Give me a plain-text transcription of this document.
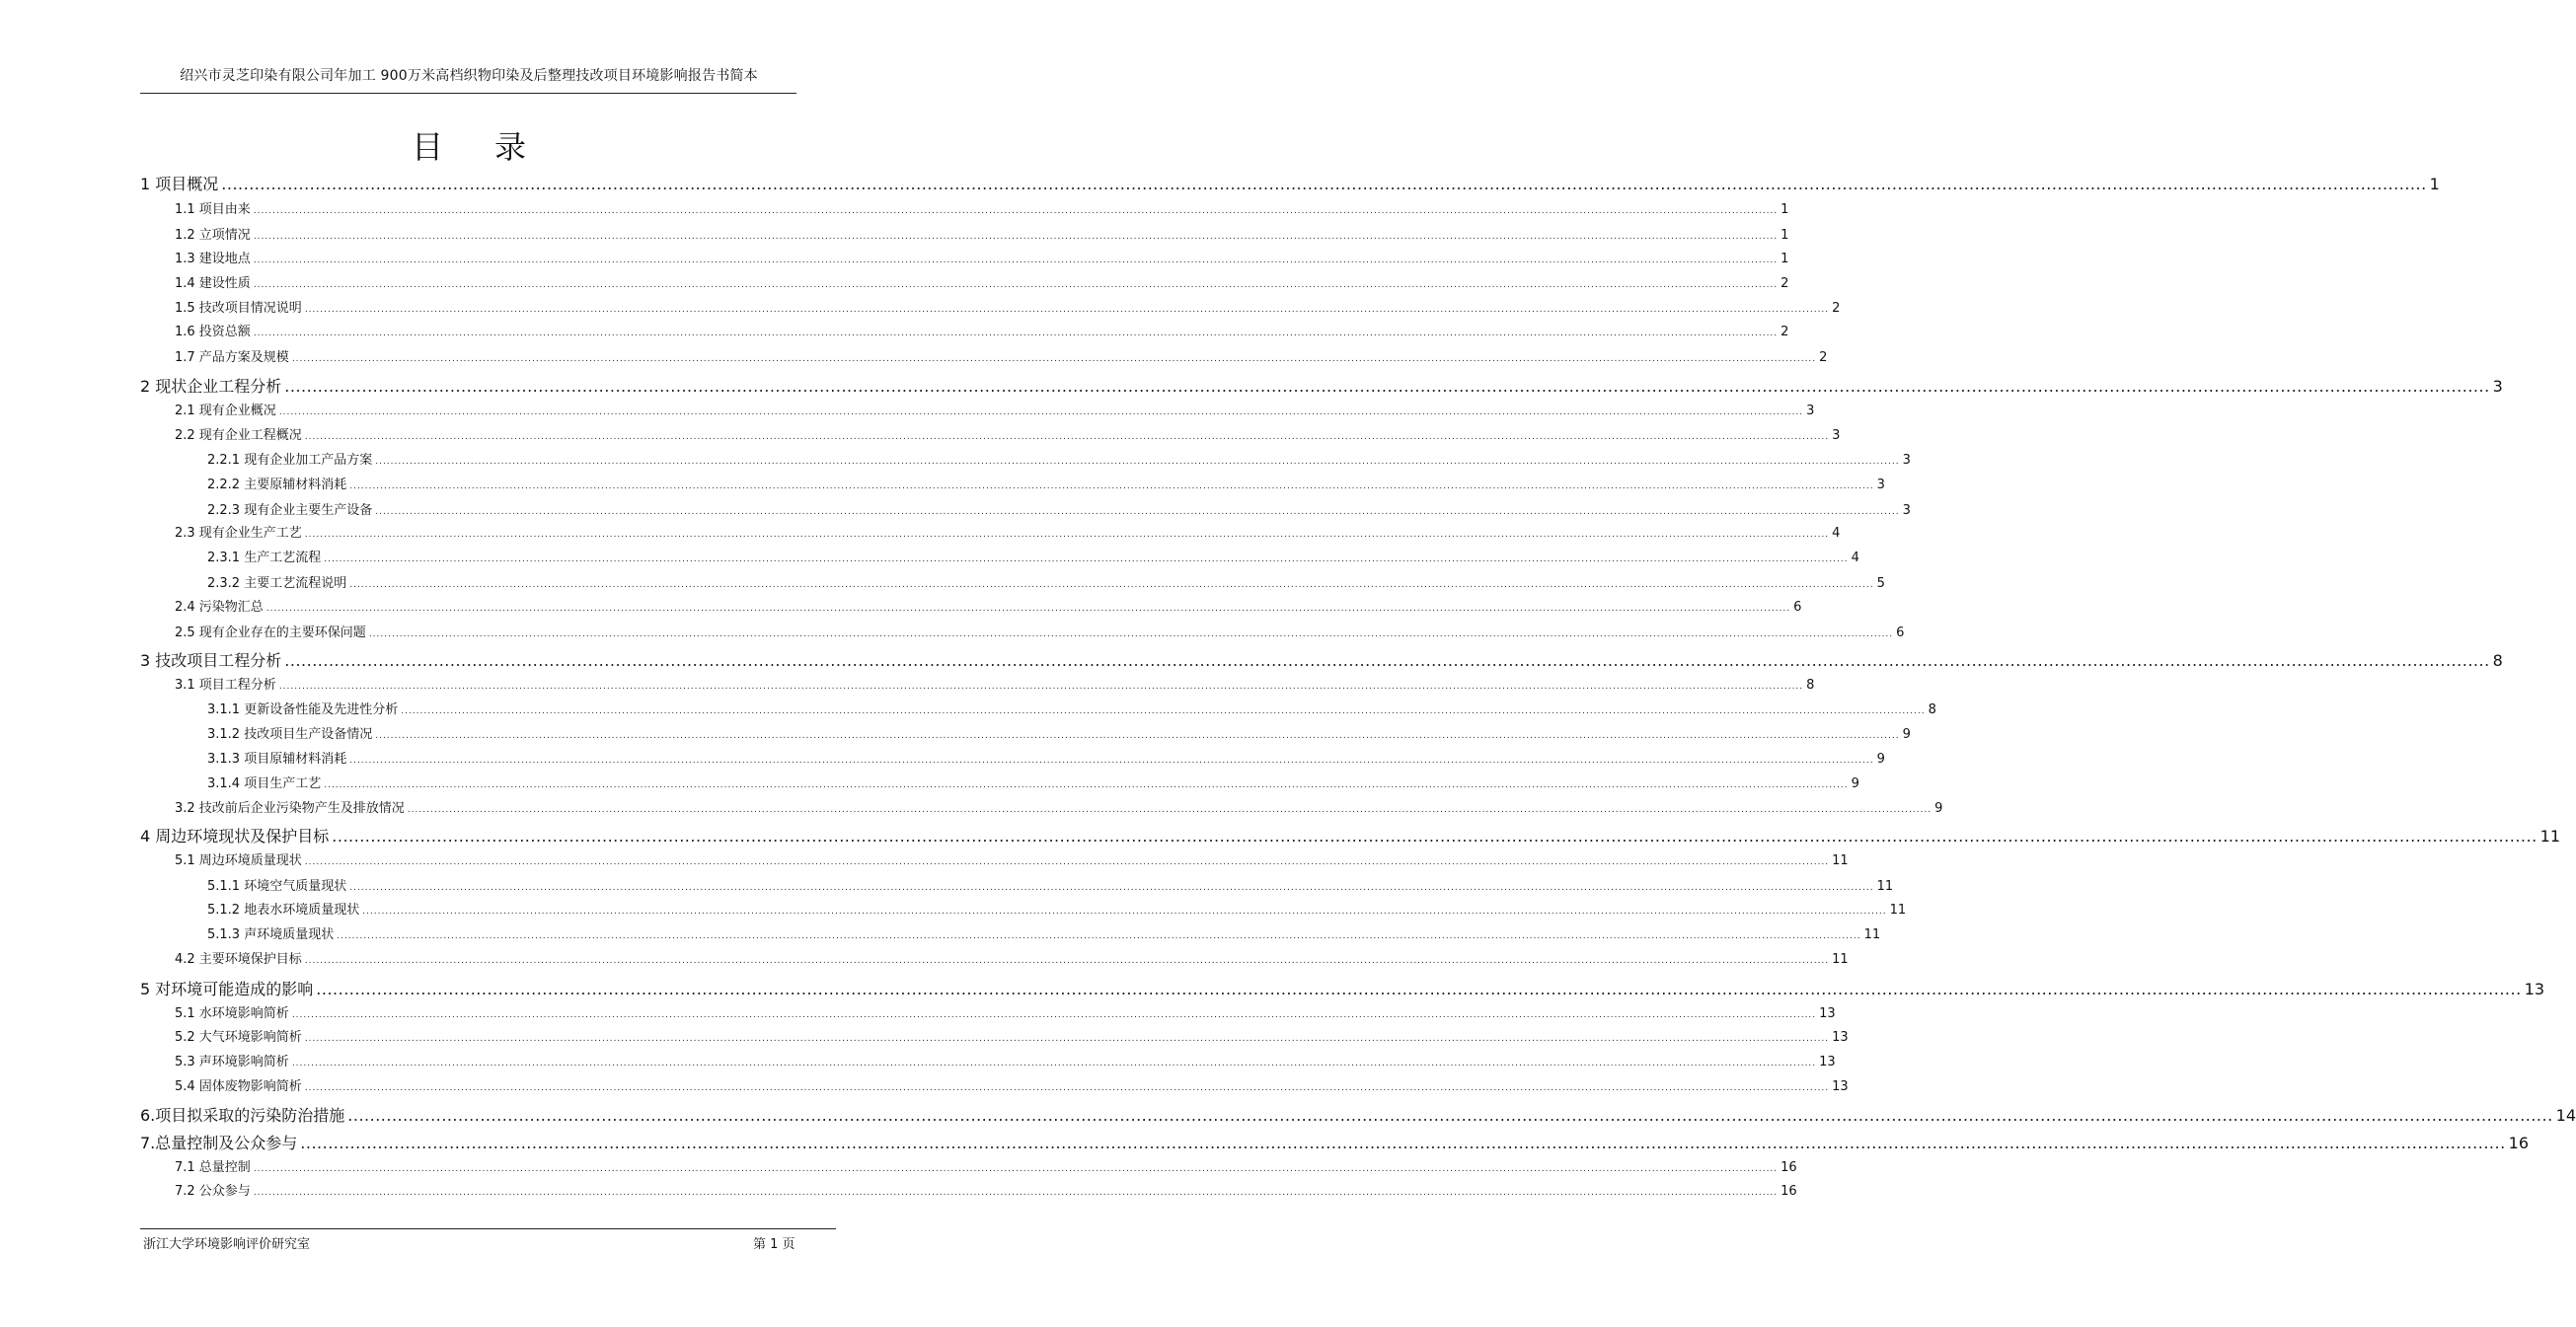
绍兴市灵芝印染有限公司年加工 900万米高档织物印染及后整理技改项目环境影响报告书简本
目录
1 项目概况 ................................................................................................................................................................................................................................................................................................................................................................................................................ 1
1.1 项目由来 ................................................................................................................................................................................................................................................................................................................................................................................................................ 1
1.2 立项情况 ................................................................................................................................................................................................................................................................................................................................................................................................................ 1
1.3 建设地点 ................................................................................................................................................................................................................................................................................................................................................................................................................ 1
1.4 建设性质 ................................................................................................................................................................................................................................................................................................................................................................................................................ 2
1.5 技改项目情况说明 ................................................................................................................................................................................................................................................................................................................................................................................................................ 2
1.6 投资总额 ................................................................................................................................................................................................................................................................................................................................................................................................................ 2
1.7 产品方案及规模 ................................................................................................................................................................................................................................................................................................................................................................................................................ 2
2 现状企业工程分析 ................................................................................................................................................................................................................................................................................................................................................................................................................ 3
2.1 现有企业概况 ................................................................................................................................................................................................................................................................................................................................................................................................................ 3
2.2 现有企业工程概况 ................................................................................................................................................................................................................................................................................................................................................................................................................ 3
2.2.1 现有企业加工产品方案 ................................................................................................................................................................................................................................................................................................................................................................................................................ 3
2.2.2 主要原辅材料消耗 ................................................................................................................................................................................................................................................................................................................................................................................................................ 3
2.2.3 现有企业主要生产设备 ................................................................................................................................................................................................................................................................................................................................................................................................................ 3
2.3 现有企业生产工艺 ................................................................................................................................................................................................................................................................................................................................................................................................................ 4
2.3.1 生产工艺流程 ................................................................................................................................................................................................................................................................................................................................................................................................................ 4
2.3.2 主要工艺流程说明 ................................................................................................................................................................................................................................................................................................................................................................................................................ 5
2.4 污染物汇总 ................................................................................................................................................................................................................................................................................................................................................................................................................ 6
2.5 现有企业存在的主要环保问题 ................................................................................................................................................................................................................................................................................................................................................................................................................ 6
3 技改项目工程分析 ................................................................................................................................................................................................................................................................................................................................................................................................................ 8
3.1 项目工程分析 ................................................................................................................................................................................................................................................................................................................................................................................................................ 8
3.1.1 更新设备性能及先进性分析 ................................................................................................................................................................................................................................................................................................................................................................................................................ 8
3.1.2 技改项目生产设备情况 ................................................................................................................................................................................................................................................................................................................................................................................................................ 9
3.1.3 项目原辅材料消耗 ................................................................................................................................................................................................................................................................................................................................................................................................................ 9
3.1.4 项目生产工艺 ................................................................................................................................................................................................................................................................................................................................................................................................................ 9
3.2 技改前后企业污染物产生及排放情况 ................................................................................................................................................................................................................................................................................................................................................................................................................ 9
4 周边环境现状及保护目标 ................................................................................................................................................................................................................................................................................................................................................................................................................ 11
5.1 周边环境质量现状 ................................................................................................................................................................................................................................................................................................................................................................................................................ 11
5.1.1 环境空气质量现状 ................................................................................................................................................................................................................................................................................................................................................................................................................ 11
5.1.2 地表水环境质量现状 ................................................................................................................................................................................................................................................................................................................................................................................................................ 11
5.1.3 声环境质量现状 ................................................................................................................................................................................................................................................................................................................................................................................................................ 11
4.2 主要环境保护目标 ................................................................................................................................................................................................................................................................................................................................................................................................................ 11
5 对环境可能造成的影响 ................................................................................................................................................................................................................................................................................................................................................................................................................ 13
5.1 水环境影响简析 ................................................................................................................................................................................................................................................................................................................................................................................................................ 13
5.2 大气环境影响简析 ................................................................................................................................................................................................................................................................................................................................................................................................................ 13
5.3 声环境影响简析 ................................................................................................................................................................................................................................................................................................................................................................................................................ 13
5.4 固体废物影响简析 ................................................................................................................................................................................................................................................................................................................................................................................................................ 13
6.项目拟采取的污染防治措施 ................................................................................................................................................................................................................................................................................................................................................................................................................ 14
7.总量控制及公众参与 ................................................................................................................................................................................................................................................................................................................................................................................................................ 16
7.1 总量控制 ................................................................................................................................................................................................................................................................................................................................................................................................................ 16
7.2 公众参与 ................................................................................................................................................................................................................................................................................................................................................................................................................ 16
浙江大学环境影响评价研究室	第 1 页
